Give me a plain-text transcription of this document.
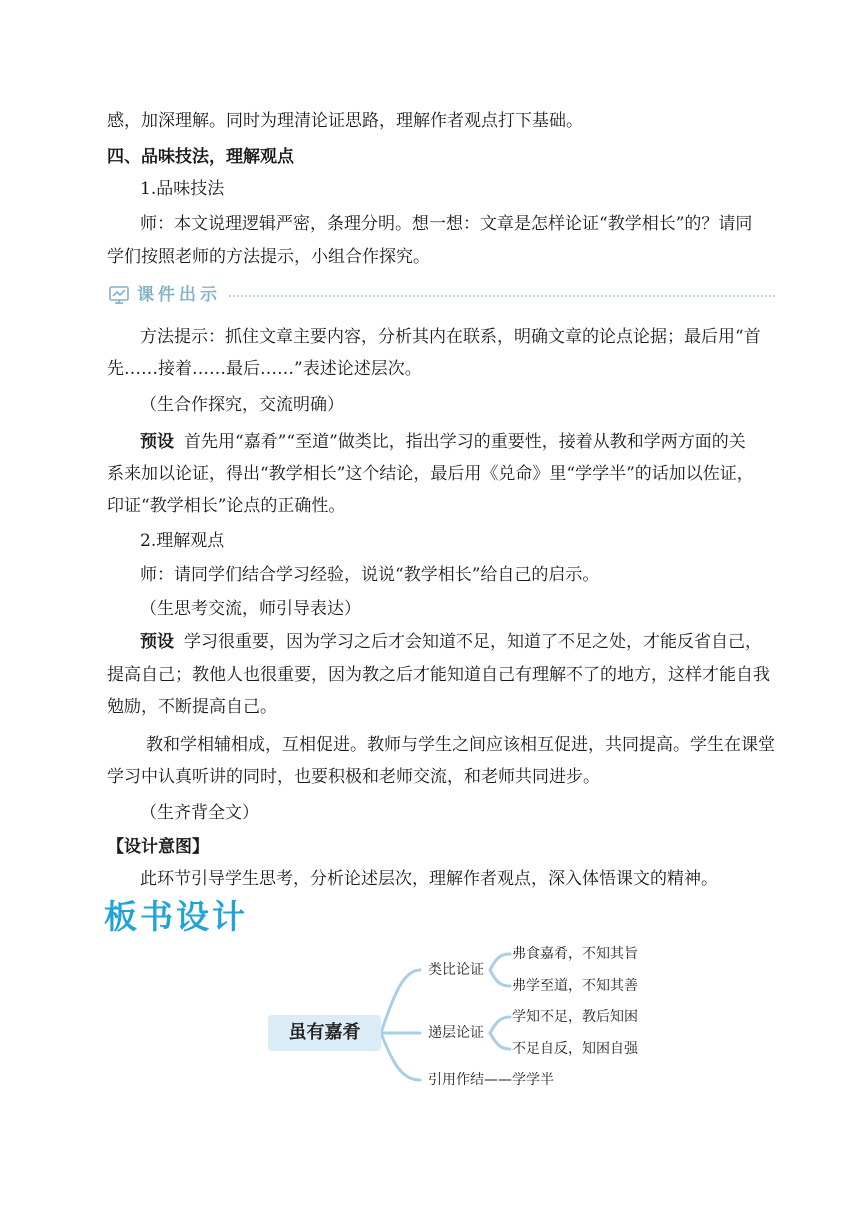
感，加深理解。同时为理清论证思路，理解作者观点打下基础。
四、品味技法，理解观点
1.品味技法
师：本文说理逻辑严密，条理分明。想一想：文章是怎样论证“教学相长”的？请同
学们按照老师的方法提示，小组合作探究。
课件出示
方法提示：抓住文章主要内容，分析其内在联系，明确文章的论点论据；最后用“首
先……接着……最后……”表述论述层次。
（生合作探究，交流明确）
预设 首先用“嘉肴”“至道”做类比，指出学习的重要性，接着从教和学两方面的关
系来加以论证，得出“教学相长”这个结论，最后用《兑命》里“学学半”的话加以佐证，
印证“教学相长”论点的正确性。
2.理解观点
师：请同学们结合学习经验，说说“教学相长”给自己的启示。
（生思考交流，师引导表达）
预设 学习很重要，因为学习之后才会知道不足，知道了不足之处，才能反省自己，
提高自己；教他人也很重要，因为教之后才能知道自己有理解不了的地方，这样才能自我
勉励，不断提高自己。
教和学相辅相成，互相促进。教师与学生之间应该相互促进，共同提高。学生在课堂
学习中认真听讲的同时，也要积极和老师交流，和老师共同进步。
（生齐背全文）
【设计意图】
此环节引导学生思考，分析论述层次，理解作者观点，深入体悟课文的精神。
板书设计
虽有嘉肴
类比论证
弗食嘉肴，不知其旨
弗学至道，不知其善
递层论证
学知不足，教后知困
不足自反，知困自强
引用作结——学学半
